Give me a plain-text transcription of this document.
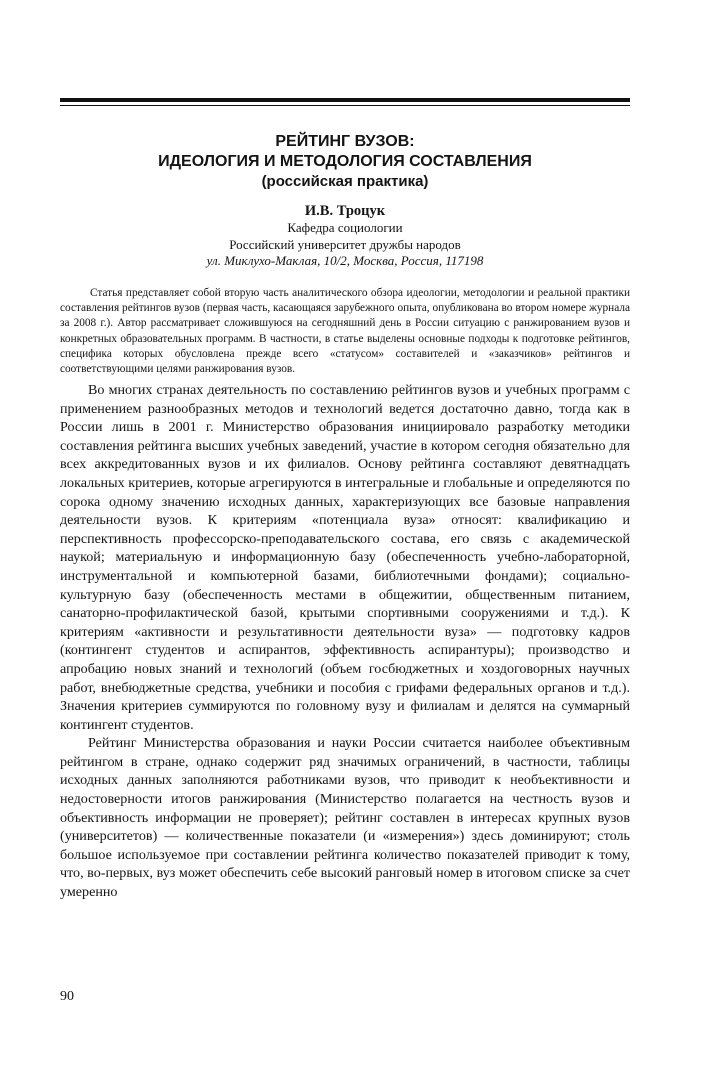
РЕЙТИНГ ВУЗОВ:
ИДЕОЛОГИЯ И МЕТОДОЛОГИЯ СОСТАВЛЕНИЯ
(российская практика)
И.В. Троцук
Кафедра социологии
Российский университет дружбы народов
ул. Миклухо-Маклая, 10/2, Москва, Россия, 117198

Статья представляет собой вторую часть аналитического обзора идеологии, методологии и реальной практики составления рейтингов вузов (первая часть, касающаяся зарубежного опыта, опубликована во втором номере журнала за 2008 г.). Автор рассматривает сложившуюся на сегодняшний день в России ситуацию с ранжированием вузов и конкретных образовательных программ. В частности, в статье выделены основные подходы к подготовке рейтингов, специфика которых обусловлена прежде всего «статусом» составителей и «заказчиков» рейтингов и соответствующими целями ранжирования вузов.

Во многих странах деятельность по составлению рейтингов вузов и учебных программ с применением разнообразных методов и технологий ведется достаточно давно, тогда как в России лишь в 2001 г. Министерство образования инициировало разработку методики составления рейтинга высших учебных заведений, участие в котором сегодня обязательно для всех аккредитованных вузов и их филиалов. Основу рейтинга составляют девятнадцать локальных критериев, которые агрегируются в интегральные и глобальные и определяются по сорока одному значению исходных данных, характеризующих все базовые направления деятельности вузов. К критериям «потенциала вуза» относят: квалификацию и перспективность профессорско-преподавательского состава, его связь с академической наукой; материальную и информационную базу (обеспеченность учебно-лабораторной, инструментальной и компьютерной базами, библиотечными фондами); социально-культурную базу (обеспеченность местами в общежитии, общественным питанием, санаторно-профилактической базой, крытыми спортивными сооружениями и т.д.). К критериям «активности и результативности деятельности вуза» — подготовку кадров (контингент студентов и аспирантов, эффективность аспирантуры); производство и апробацию новых знаний и технологий (объем госбюджетных и хоздоговорных научных работ, внебюджетные средства, учебники и пособия с грифами федеральных органов и т.д.). Значения критериев суммируются по головному вузу и филиалам и делятся на суммарный контингент студентов.

Рейтинг Министерства образования и науки России считается наиболее объективным рейтингом в стране, однако содержит ряд значимых ограничений, в частности, таблицы исходных данных заполняются работниками вузов, что приводит к необъективности и недостоверности итогов ранжирования (Министерство полагается на честность вузов и объективность информации не проверяет); рейтинг составлен в интересах крупных вузов (университетов) — количественные показатели (и «измерения») здесь доминируют; столь большое используемое при составлении рейтинга количество показателей приводит к тому, что, во-первых, вуз может обеспечить себе высокий ранговый номер в итоговом списке за счет умеренно

90
